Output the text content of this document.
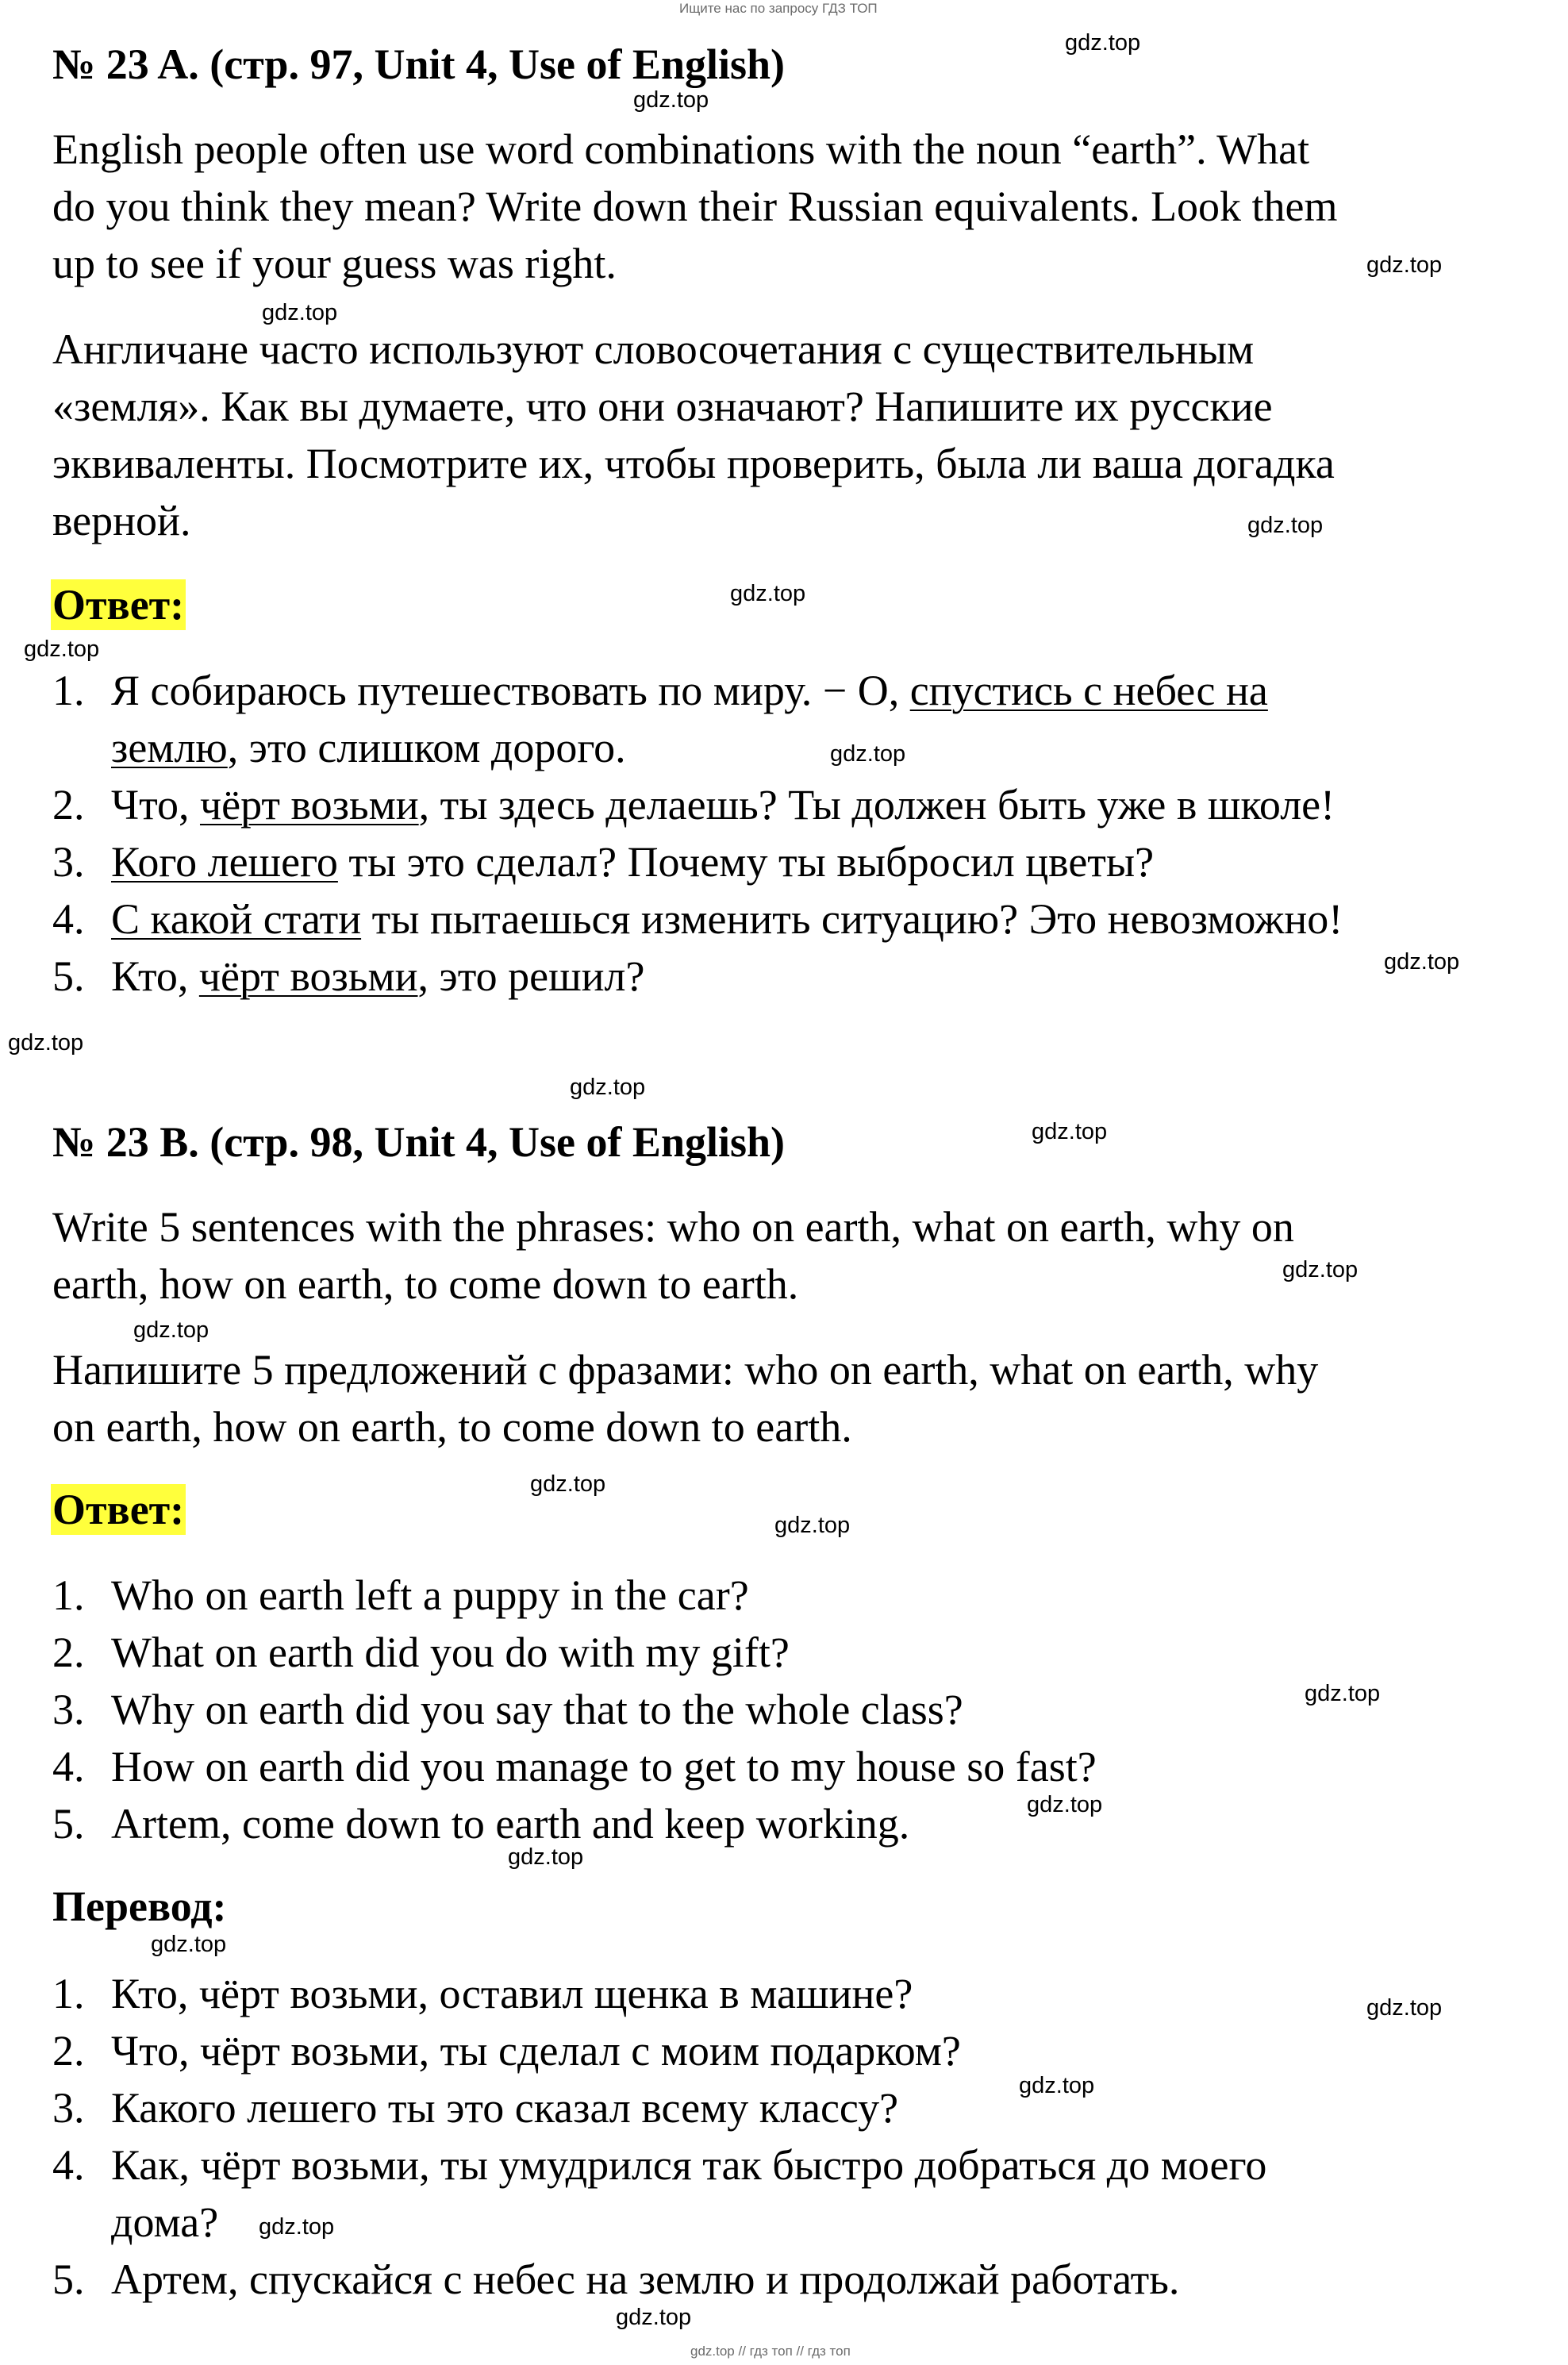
Ищите нас по запросу ГДЗ ТОП
№ 23 A. (стр. 97, Unit 4, Use of English)
English people often use word combinations with the noun “earth”. What
do you think they mean? Write down their Russian equivalents. Look them
up to see if your guess was right.
Англичане часто используют словосочетания с существительным
«земля». Как вы думаете, что они означают? Напишите их русские
эквиваленты. Посмотрите их, чтобы проверить, была ли ваша догадка
верной.
Ответ:
1. Я собираюсь путешествовать по миру. − О, спустись с небес на
землю, это слишком дорого.
2. Что, чёрт возьми, ты здесь делаешь? Ты должен быть уже в школе!
3. Кого лешего ты это сделал? Почему ты выбросил цветы?
4. С какой стати ты пытаешься изменить ситуацию? Это невозможно!
5. Кто, чёрт возьми, это решил?
№ 23 B. (стр. 98, Unit 4, Use of English)
Write 5 sentences with the phrases: who on earth, what on earth, why on
earth, how on earth, to come down to earth.
Напишите 5 предложений с фразами: who on earth, what on earth, why
on earth, how on earth, to come down to earth.
Ответ:
1. Who on earth left a puppy in the car?
2. What on earth did you do with my gift?
3. Why on earth did you say that to the whole class?
4. How on earth did you manage to get to my house so fast?
5. Artem, come down to earth and keep working.
Перевод:
1. Кто, чёрт возьми, оставил щенка в машине?
2. Что, чёрт возьми, ты сделал с моим подарком?
3. Какого лешего ты это сказал всему классу?
4. Как, чёрт возьми, ты умудрился так быстро добраться до моего
дома?
5. Артем, спускайся с небес на землю и продолжай работать.
gdz.top
gdz.top
gdz.top
gdz.top
gdz.top
gdz.top
gdz.top
gdz.top
gdz.top
gdz.top
gdz.top
gdz.top
gdz.top
gdz.top
gdz.top
gdz.top
gdz.top
gdz.top
gdz.top
gdz.top
gdz.top
gdz.top
gdz.top
gdz.top
gdz.top // гдз топ // гдз топ
